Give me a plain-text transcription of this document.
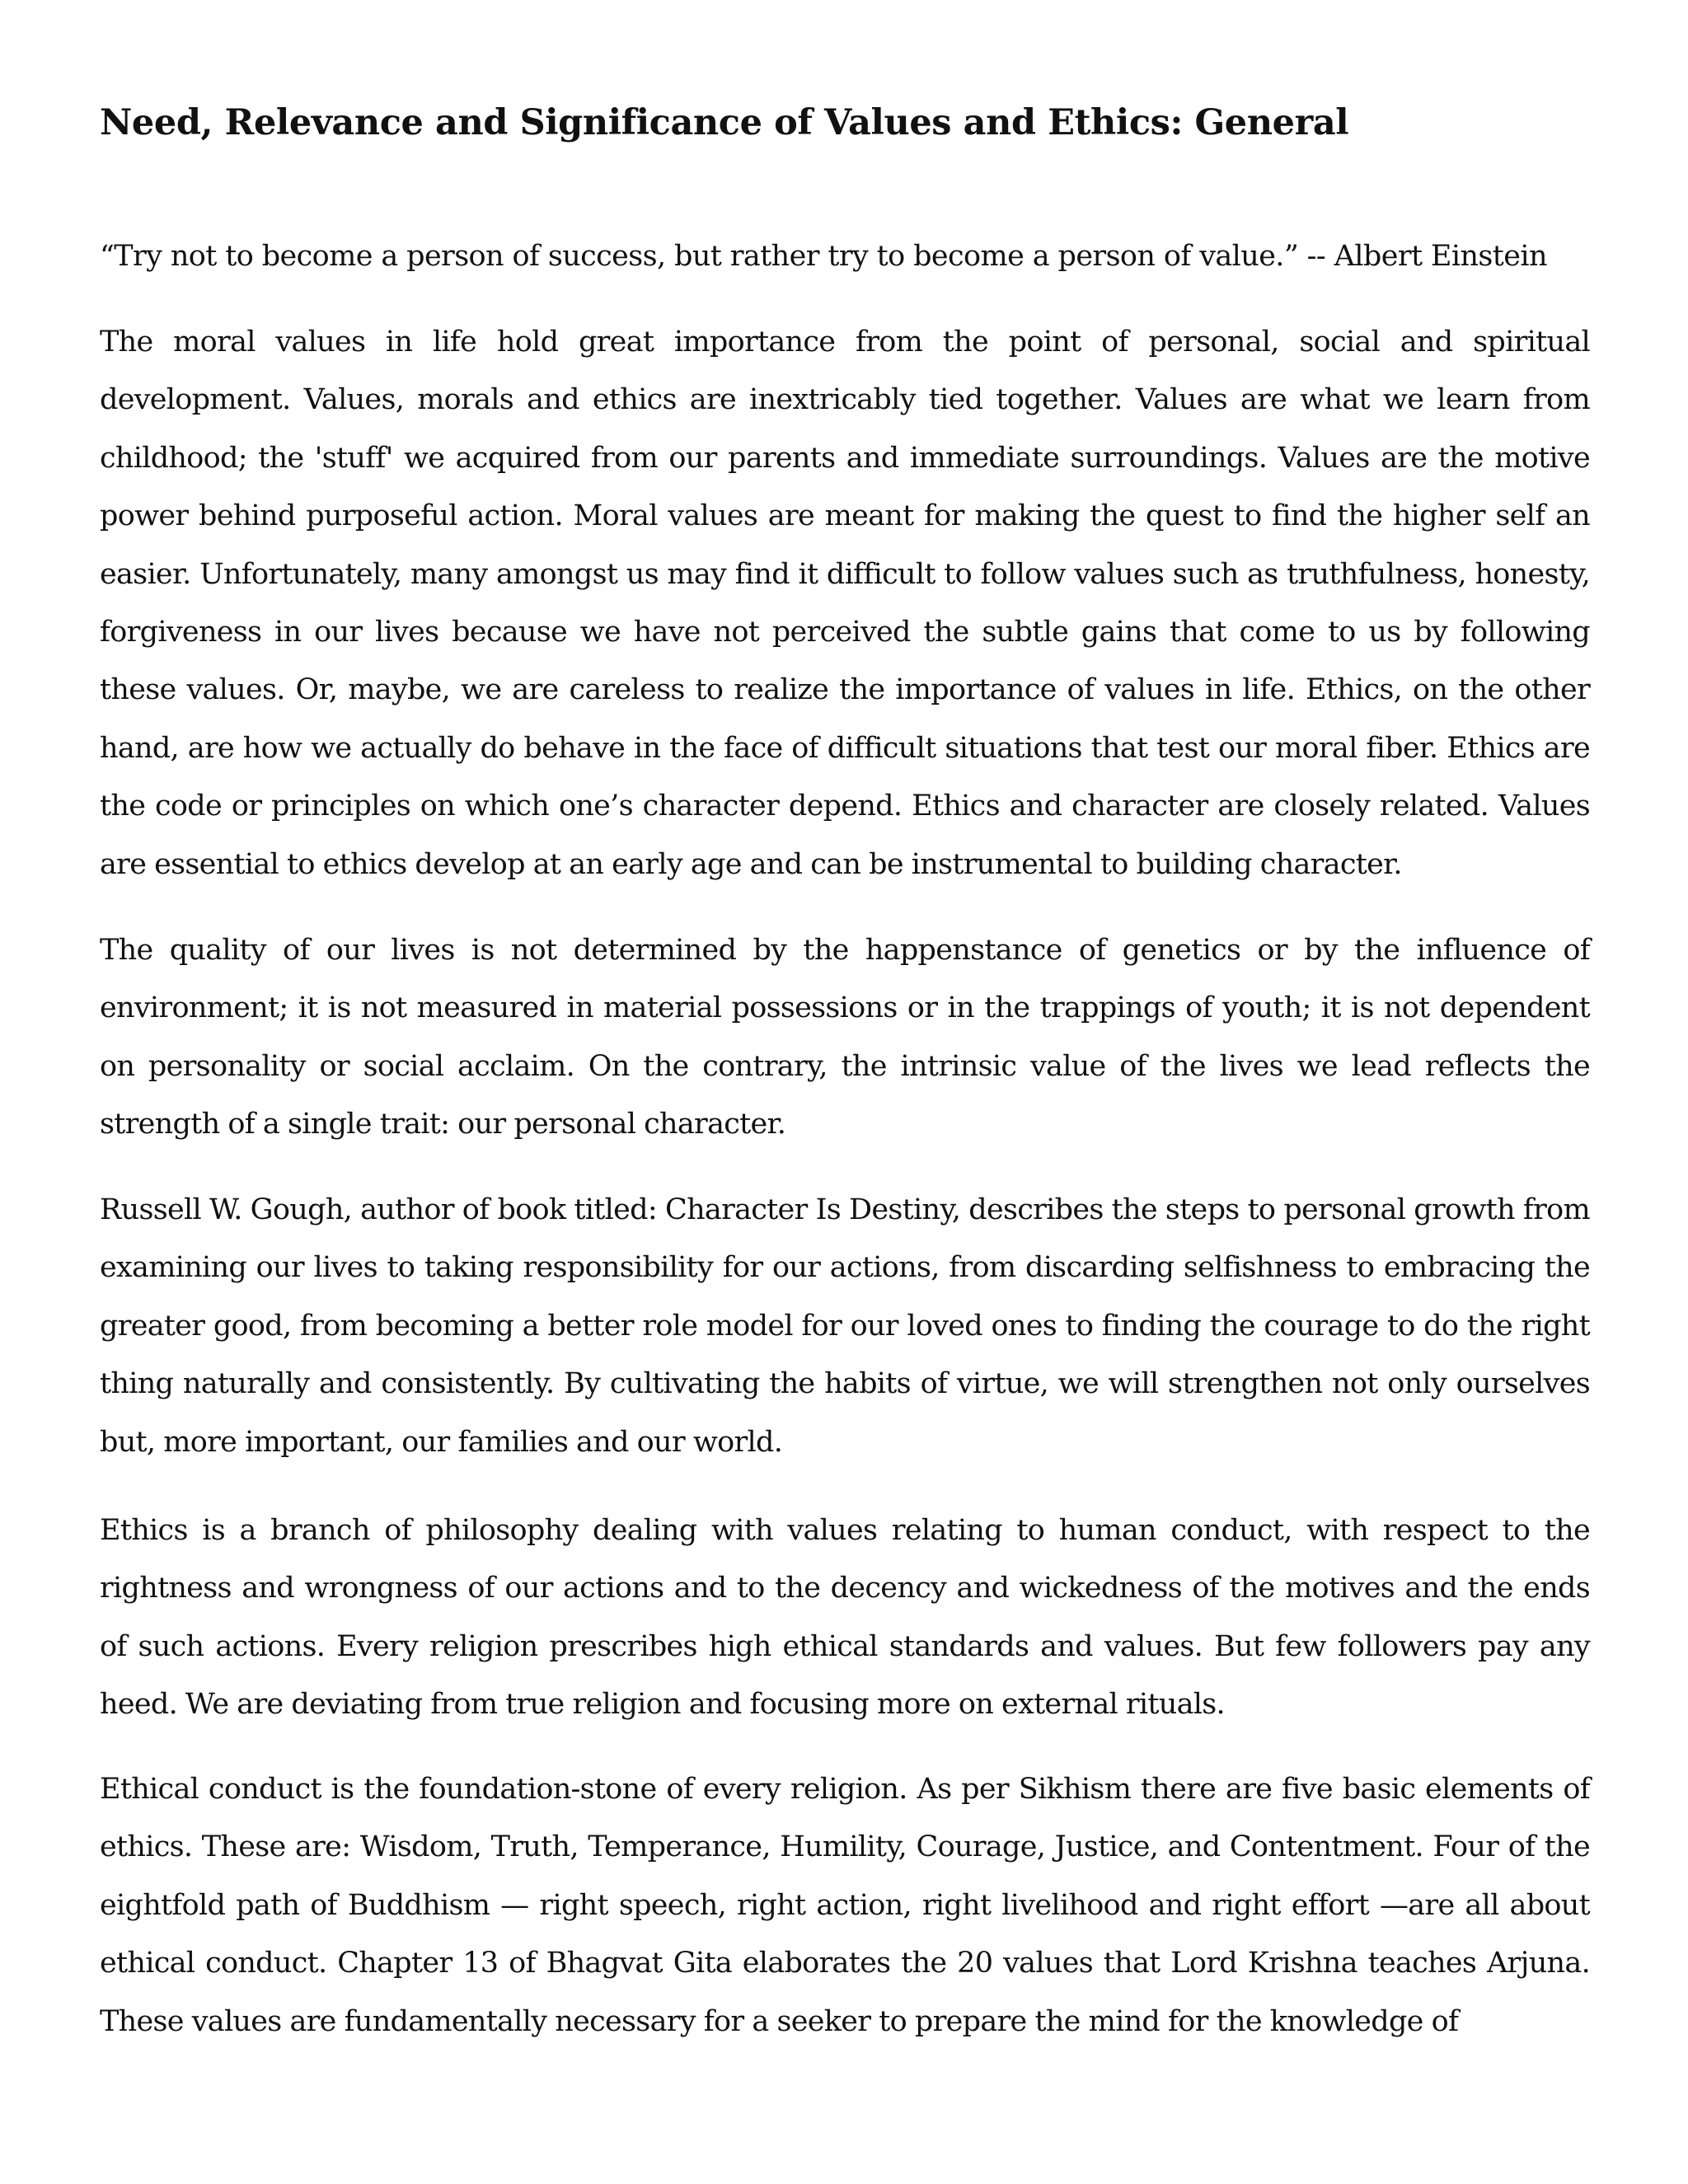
Need, Relevance and Significance of Values and Ethics: General

“Try not to become a person of success, but rather try to become a person of value.” -- Albert Einstein

The moral values in life hold great importance from the point of personal, social and spiritual development. Values, morals and ethics are inextricably tied together. Values are what we learn from childhood; the 'stuff' we acquired from our parents and immediate surroundings. Values are the motive power behind purposeful action. Moral values are meant for making the quest to find the higher self an easier. Unfortunately, many amongst us may find it difficult to follow values such as truthfulness, honesty, forgiveness in our lives because we have not perceived the subtle gains that come to us by following these values. Or, maybe, we are careless to realize the importance of values in life. Ethics, on the other hand, are how we actually do behave in the face of difficult situations that test our moral fiber. Ethics are the code or principles on which one’s character depend. Ethics and character are closely related. Values are essential to ethics develop at an early age and can be instrumental to building character.

The quality of our lives is not determined by the happenstance of genetics or by the influence of environment; it is not measured in material possessions or in the trappings of youth; it is not dependent on personality or social acclaim. On the contrary, the intrinsic value of the lives we lead reflects the strength of a single trait: our personal character.

Russell W. Gough, author of book titled: Character Is Destiny, describes the steps to personal growth from examining our lives to taking responsibility for our actions, from discarding selfishness to embracing the greater good, from becoming a better role model for our loved ones to finding the courage to do the right thing naturally and consistently. By cultivating the habits of virtue, we will strengthen not only ourselves but, more important, our families and our world.

Ethics is a branch of philosophy dealing with values relating to human conduct, with respect to the rightness and wrongness of our actions and to the decency and wickedness of the motives and the ends of such actions. Every religion prescribes high ethical standards and values. But few followers pay any heed. We are deviating from true religion and focusing more on external rituals.

Ethical conduct is the foundation-stone of every religion. As per Sikhism there are five basic elements of ethics. These are: Wisdom, Truth, Temperance, Humility, Courage, Justice, and Contentment. Four of the eightfold path of Buddhism — right speech, right action, right livelihood and right effort —are all about ethical conduct. Chapter 13 of Bhagvat Gita elaborates the 20 values that Lord Krishna teaches Arjuna. These values are fundamentally necessary for a seeker to prepare the mind for the knowledge of
